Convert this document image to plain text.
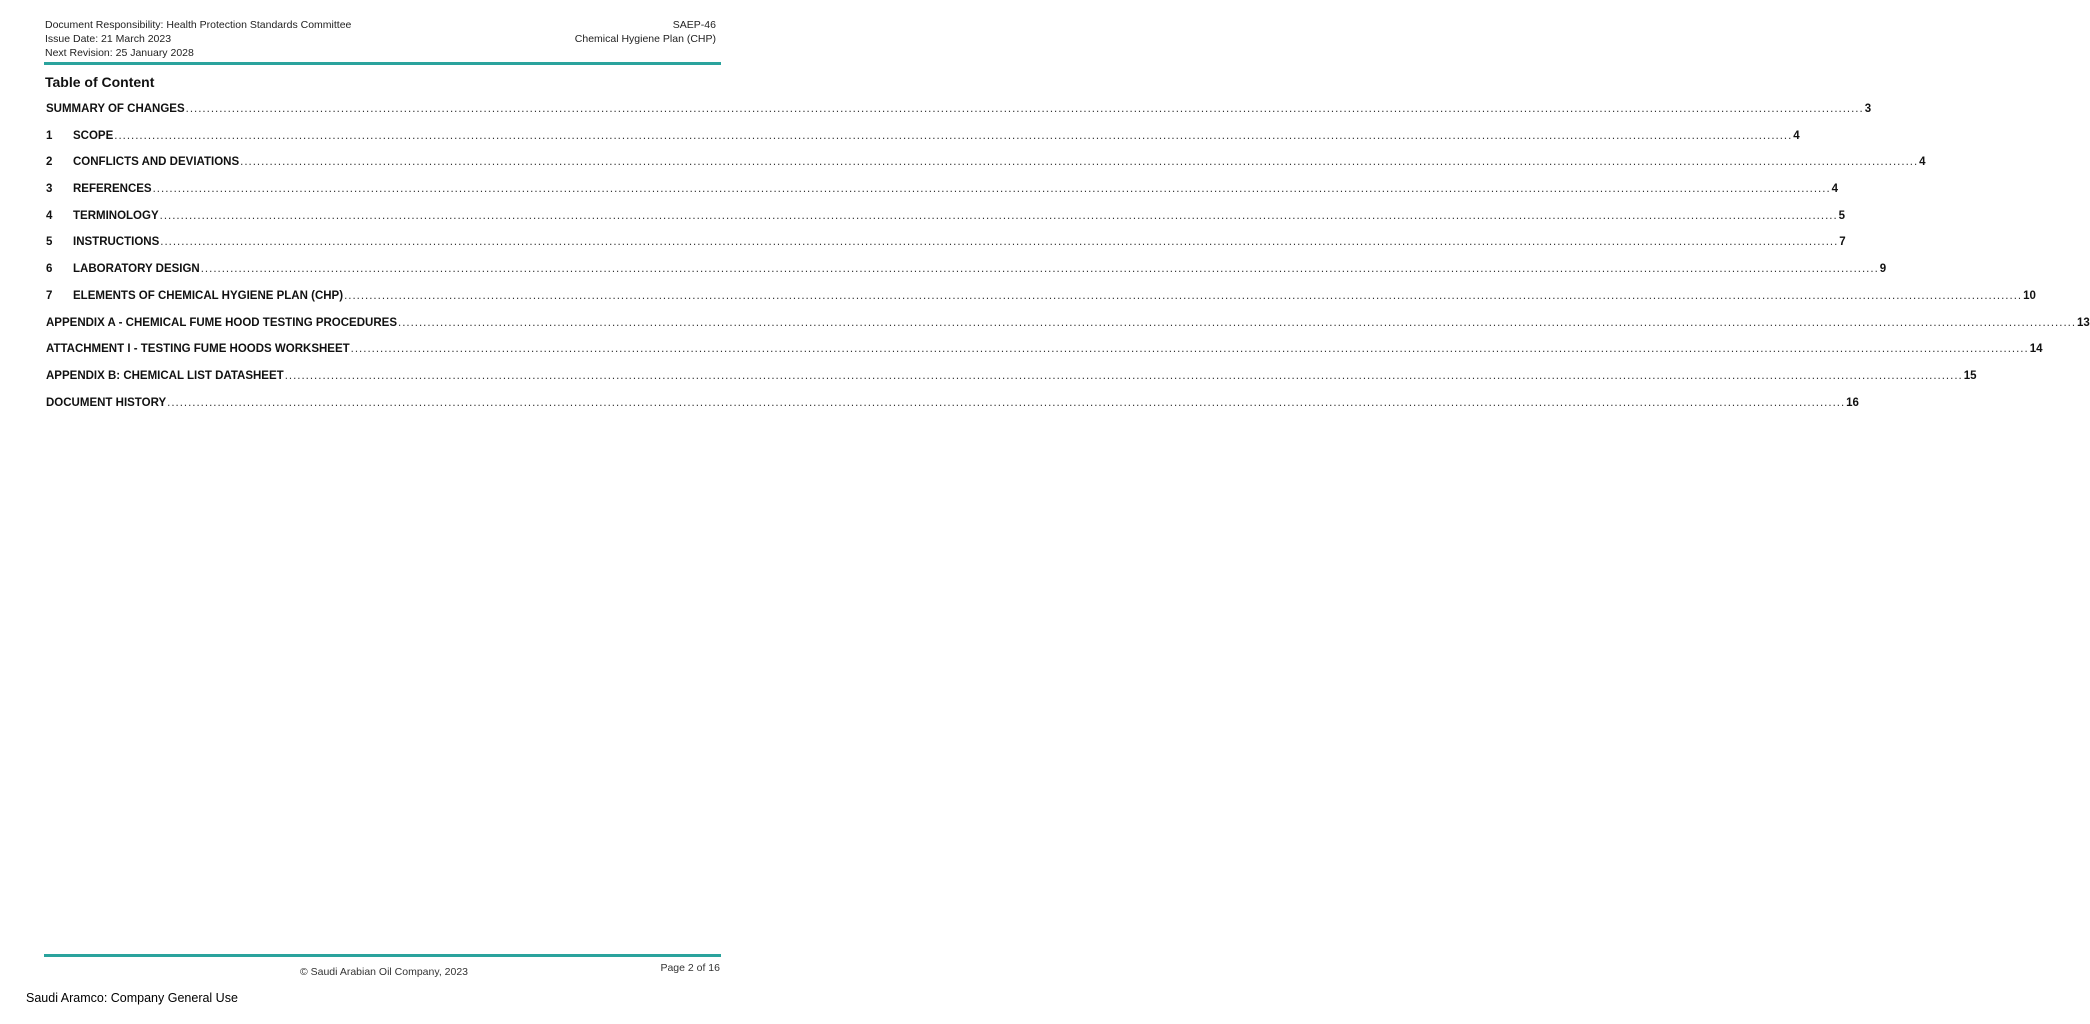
Document Responsibility: Health Protection Standards Committee
Issue Date: 21 March 2023
Next Revision: 25 January 2028
SAEP-46
Chemical Hygiene Plan (CHP)
Table of Content
SUMMARY OF CHANGES ................................................................................................................................................................................................................................................................................................................................................................................................................ 3
1	SCOPE ................................................................................................................................................................................................................................................................................................................................................................................................................ 4
2	CONFLICTS AND DEVIATIONS ................................................................................................................................................................................................................................................................................................................................................................................................................ 4
3	REFERENCES ................................................................................................................................................................................................................................................................................................................................................................................................................ 4
4	TERMINOLOGY ................................................................................................................................................................................................................................................................................................................................................................................................................ 5
5	INSTRUCTIONS ................................................................................................................................................................................................................................................................................................................................................................................................................ 7
6	LABORATORY DESIGN ................................................................................................................................................................................................................................................................................................................................................................................................................ 9
7	ELEMENTS OF CHEMICAL HYGIENE PLAN (CHP) ................................................................................................................................................................................................................................................................................................................................................................................................................ 10
APPENDIX A - CHEMICAL FUME HOOD TESTING PROCEDURES ................................................................................................................................................................................................................................................................................................................................................................................................................ 13
ATTACHMENT I - TESTING FUME HOODS WORKSHEET ................................................................................................................................................................................................................................................................................................................................................................................................................ 14
APPENDIX B: CHEMICAL LIST DATASHEET ................................................................................................................................................................................................................................................................................................................................................................................................................ 15
DOCUMENT HISTORY ................................................................................................................................................................................................................................................................................................................................................................................................................ 16
© Saudi Arabian Oil Company, 2023	Page 2 of 16
Saudi Aramco: Company General Use
